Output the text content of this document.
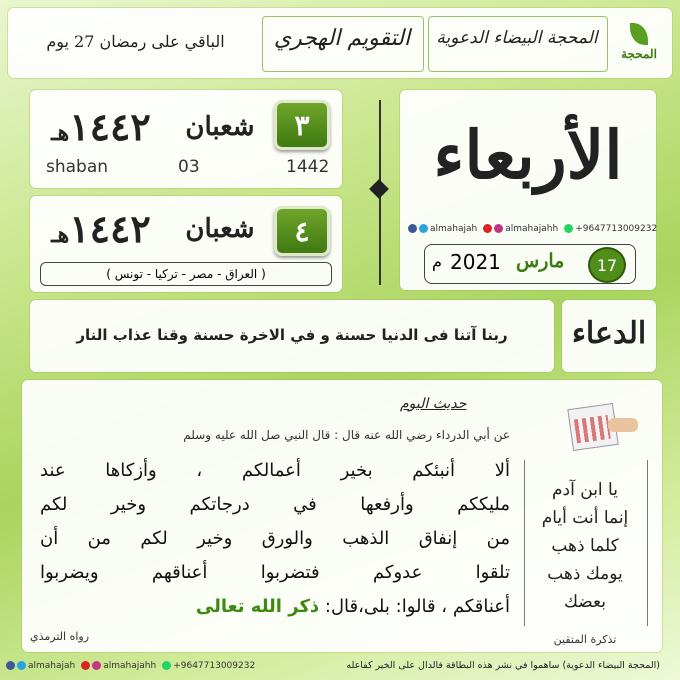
الباقي على رمضان 27 يوم	التقويم الهجري	المحجة البيضاء الدعوية
المحجة
١٤٤٢هـ	شعبان	٣
shaban	03	1442
١٤٤٢هـ	شعبان	٤
( العراق - مصر - تركيا - تونس )
الأربعاء
almahajah	almahajahh	+9647713009232
م 2021 مارس 17
ربنا آتنا فى الدنيا حسنة و في الاخرة حسنة وقنا عذاب النار	الدعاء
حديث اليوم
عن أبي الدرداء رضي الله عنه قال : قال النبي صل الله عليه وسلم
ألا أنبئكم بخير أعمالكم ، وأزكاها عند
مليككم وأرفعها في درجاتكم وخير لكم
من إنفاق الذهب والورق وخير لكم من أن
تلقوا عدوكم فتضربوا أعناقهم ويضربوا
أعناقكم ، قالوا: بلى،قال: ذكر الله تعالى
رواه الترمذي
يا ابن آدم
إنما أنت أيام
كلما ذهب
يومك ذهب
بعضك
تذكرة المتقين
(المحجة البيضاء الدعوية) ساهموا في نشر هذه البطاقة فالدال على الخير كفاعله
almahajah	almahajahh	+9647713009232
